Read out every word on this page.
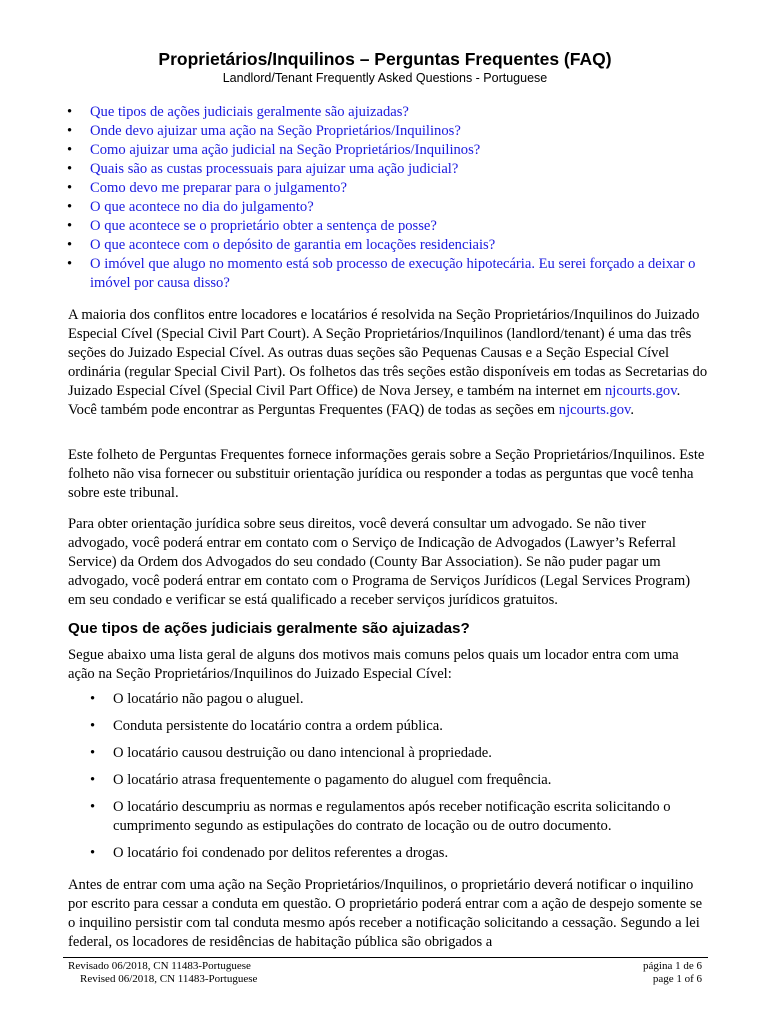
Proprietários/Inquilinos – Perguntas Frequentes (FAQ)
Landlord/Tenant Frequently Asked Questions - Portuguese
• Que tipos de ações judiciais geralmente são ajuizadas?
• Onde devo ajuizar uma ação na Seção Proprietários/Inquilinos?
• Como ajuizar uma ação judicial na Seção Proprietários/Inquilinos?
• Quais são as custas processuais para ajuizar uma ação judicial?
• Como devo me preparar para o julgamento?
• O que acontece no dia do julgamento?
• O que acontece se o proprietário obter a sentença de posse?
• O que acontece com o depósito de garantia em locações residenciais?
• O imóvel que alugo no momento está sob processo de execução hipotecária. Eu serei forçado a deixar o imóvel por causa disso?

A maioria dos conflitos entre locadores e locatários é resolvida na Seção Proprietários/Inquilinos do Juizado Especial Cível (Special Civil Part Court). A Seção Proprietários/Inquilinos (landlord/tenant) é uma das três seções do Juizado Especial Cível. As outras duas seções são Pequenas Causas e a Seção Especial Cível ordinária (regular Special Civil Part). Os folhetos das três seções estão disponíveis em todas as Secretarias do Juizado Especial Cível (Special Civil Part Office) de Nova Jersey, e também na internet em njcourts.gov. Você também pode encontrar as Perguntas Frequentes (FAQ) de todas as seções em njcourts.gov.

Este folheto de Perguntas Frequentes fornece informações gerais sobre a Seção Proprietários/Inquilinos. Este folheto não visa fornecer ou substituir orientação jurídica ou responder a todas as perguntas que você tenha sobre este tribunal.

Para obter orientação jurídica sobre seus direitos, você deverá consultar um advogado. Se não tiver advogado, você poderá entrar em contato com o Serviço de Indicação de Advogados (Lawyer’s Referral Service) da Ordem dos Advogados do seu condado (County Bar Association). Se não puder pagar um advogado, você poderá entrar em contato com o Programa de Serviços Jurídicos (Legal Services Program) em seu condado e verificar se está qualificado a receber serviços jurídicos gratuitos.

Que tipos de ações judiciais geralmente são ajuizadas?

Segue abaixo uma lista geral de alguns dos motivos mais comuns pelos quais um locador entra com uma ação na Seção Proprietários/Inquilinos do Juizado Especial Cível:

• O locatário não pagou o aluguel.
• Conduta persistente do locatário contra a ordem pública.
• O locatário causou destruição ou dano intencional à propriedade.
• O locatário atrasa frequentemente o pagamento do aluguel com frequência.
• O locatário descumpriu as normas e regulamentos após receber notificação escrita solicitando o cumprimento segundo as estipulações do contrato de locação ou de outro documento.
• O locatário foi condenado por delitos referentes a drogas.

Antes de entrar com uma ação na Seção Proprietários/Inquilinos, o proprietário deverá notificar o inquilino por escrito para cessar a conduta em questão. O proprietário poderá entrar com a ação de despejo somente se o inquilino persistir com tal conduta mesmo após receber a notificação solicitando a cessação. Segundo a lei federal, os locadores de residências de habitação pública são obrigados a

Revisado 06/2018, CN 11483-Portuguese
Revised 06/2018, CN 11483-Portuguese
página 1 de 6
page 1 of 6
